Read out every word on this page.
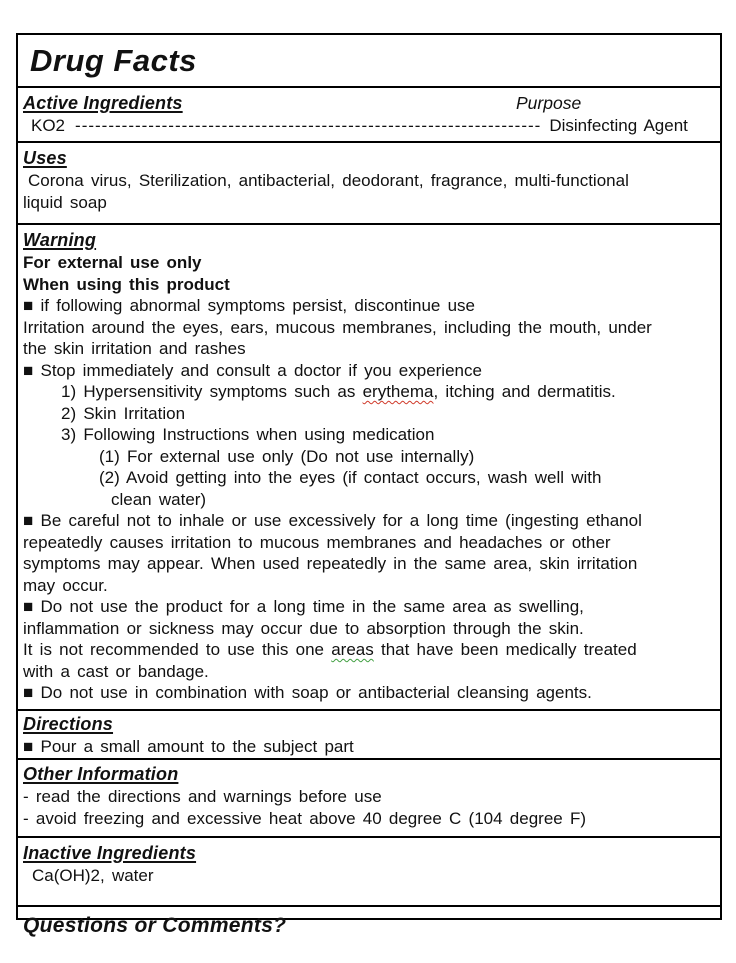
Drug Facts
Active Ingredients	Purpose
KO2 ---------------------------------------------------------------------- Disinfecting Agent
Uses
Corona virus, Sterilization, antibacterial, deodorant, fragrance, multi-functional
liquid soap
Warning
For external use only
When using this product
■ if following abnormal symptoms persist, discontinue use
Irritation around the eyes, ears, mucous membranes, including the mouth, under
the skin irritation and rashes
■ Stop immediately and consult a doctor if you experience
1) Hypersensitivity symptoms such as erythema, itching and dermatitis.
2) Skin Irritation
3) Following Instructions when using medication
(1) For external use only (Do not use internally)
(2) Avoid getting into the eyes (if contact occurs, wash well with
clean water)
■ Be careful not to inhale or use excessively for a long time (ingesting ethanol
repeatedly causes irritation to mucous membranes and headaches or other
symptoms may appear. When used repeatedly in the same area, skin irritation
may occur.
■ Do not use the product for a long time in the same area as swelling,
inflammation or sickness may occur due to absorption through the skin.
It is not recommended to use this one areas that have been medically treated
with a cast or bandage.
■ Do not use in combination with soap or antibacterial cleansing agents.
Directions
■ Pour a small amount to the subject part
Other Information
- read the directions and warnings before use
- avoid freezing and excessive heat above 40 degree C (104 degree F)
Inactive Ingredients
Ca(OH)2, water
Questions or Comments?
